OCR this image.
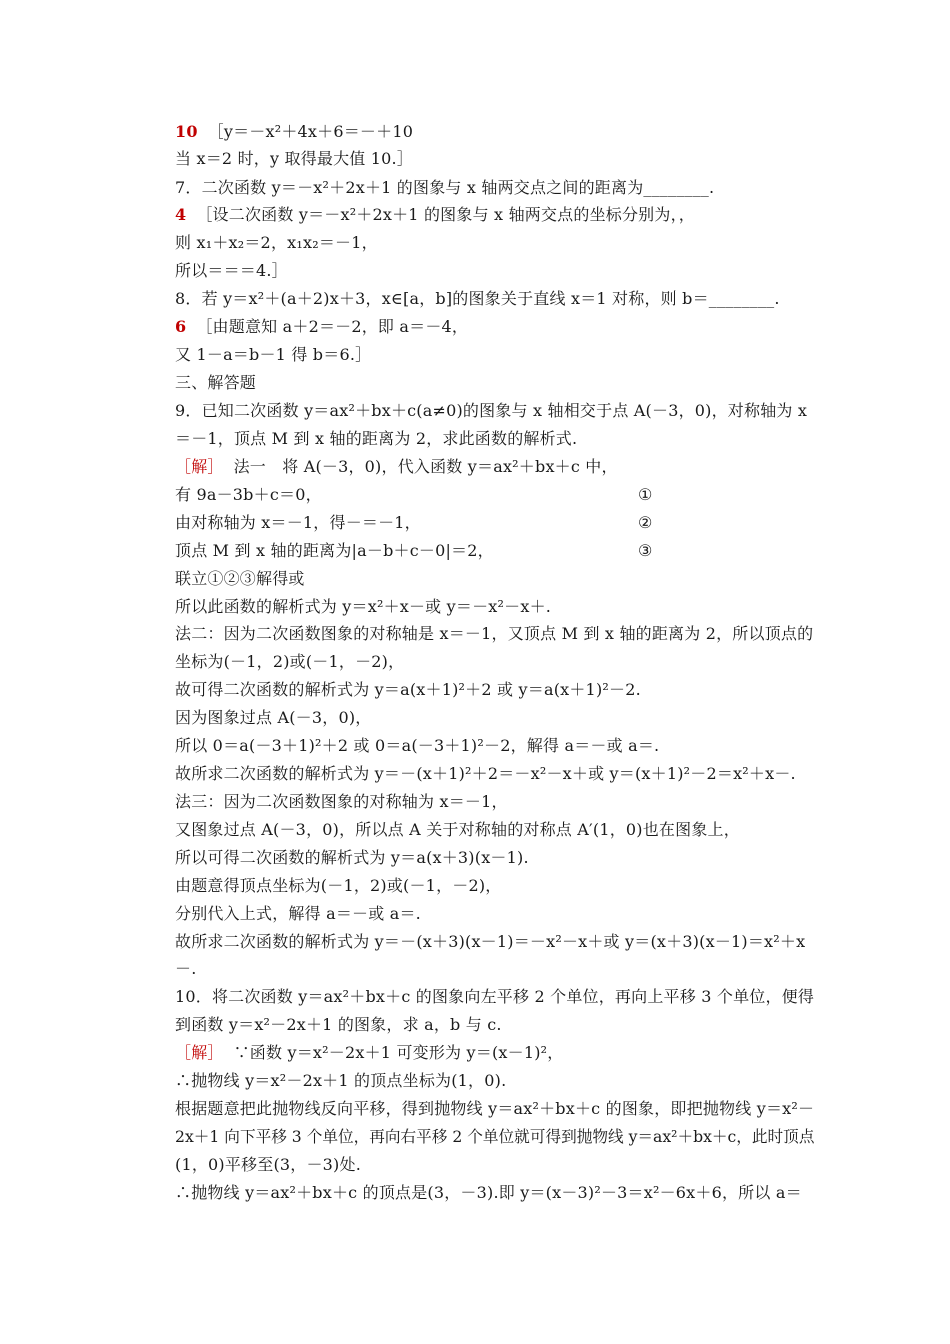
10 ［y＝－x²＋4x＋6＝－＋10
当 x＝2 时，y 取得最大值 10.］
7．二次函数 y＝－x²＋2x＋1 的图象与 x 轴两交点之间的距离为________.
4 ［设二次函数 y＝－x²＋2x＋1 的图象与 x 轴两交点的坐标分别为，，
则 x₁＋x₂＝2，x₁x₂＝－1，
所以＝＝＝4.］
8．若 y＝x²＋(a＋2)x＋3，x∈[a，b]的图象关于直线 x＝1 对称，则 b＝________.
6 ［由题意知 a＋2＝－2，即 a＝－4，
又 1－a＝b－1 得 b＝6.］
三、解答题
9．已知二次函数 y＝ax²＋bx＋c(a≠0)的图象与 x 轴相交于点 A(－3，0)，对称轴为 x
＝－1，顶点 M 到 x 轴的距离为 2，求此函数的解析式.
［解］ 法一　将 A(－3，0)，代入函数 y＝ax²＋bx＋c 中，
有 9a－3b＋c＝0，	①
由对称轴为 x＝－1，得－＝－1，	②
顶点 M 到 x 轴的距离为|a－b＋c－0|＝2，	③
联立①②③解得或
所以此函数的解析式为 y＝x²＋x－或 y＝－x²－x＋.
法二：因为二次函数图象的对称轴是 x＝－1，又顶点 M 到 x 轴的距离为 2，所以顶点的
坐标为(－1，2)或(－1，－2)，
故可得二次函数的解析式为 y＝a(x＋1)²＋2 或 y＝a(x＋1)²－2.
因为图象过点 A(－3，0)，
所以 0＝a(－3＋1)²＋2 或 0＝a(－3＋1)²－2，解得 a＝－或 a＝.
故所求二次函数的解析式为 y＝－(x＋1)²＋2＝－x²－x＋或 y＝(x＋1)²－2＝x²＋x－.
法三：因为二次函数图象的对称轴为 x＝－1，
又图象过点 A(－3，0)，所以点 A 关于对称轴的对称点 A′(1，0)也在图象上，
所以可得二次函数的解析式为 y＝a(x＋3)(x－1).
由题意得顶点坐标为(－1，2)或(－1，－2)，
分别代入上式，解得 a＝－或 a＝.
故所求二次函数的解析式为 y＝－(x＋3)(x－1)＝－x²－x＋或 y＝(x＋3)(x－1)＝x²＋x
－.
10．将二次函数 y＝ax²＋bx＋c 的图象向左平移 2 个单位，再向上平移 3 个单位，便得
到函数 y＝x²－2x＋1 的图象，求 a，b 与 c.
［解］ ∵函数 y＝x²－2x＋1 可变形为 y＝(x－1)²，
∴抛物线 y＝x²－2x＋1 的顶点坐标为(1，0).
根据题意把此抛物线反向平移，得到抛物线 y＝ax²＋bx＋c 的图象，即把抛物线 y＝x²－
2x＋1 向下平移 3 个单位，再向右平移 2 个单位就可得到抛物线 y＝ax²＋bx＋c，此时顶点
(1，0)平移至(3，－3)处.
∴抛物线 y＝ax²＋bx＋c 的顶点是(3，－3).即 y＝(x－3)²－3＝x²－6x＋6，所以 a＝
